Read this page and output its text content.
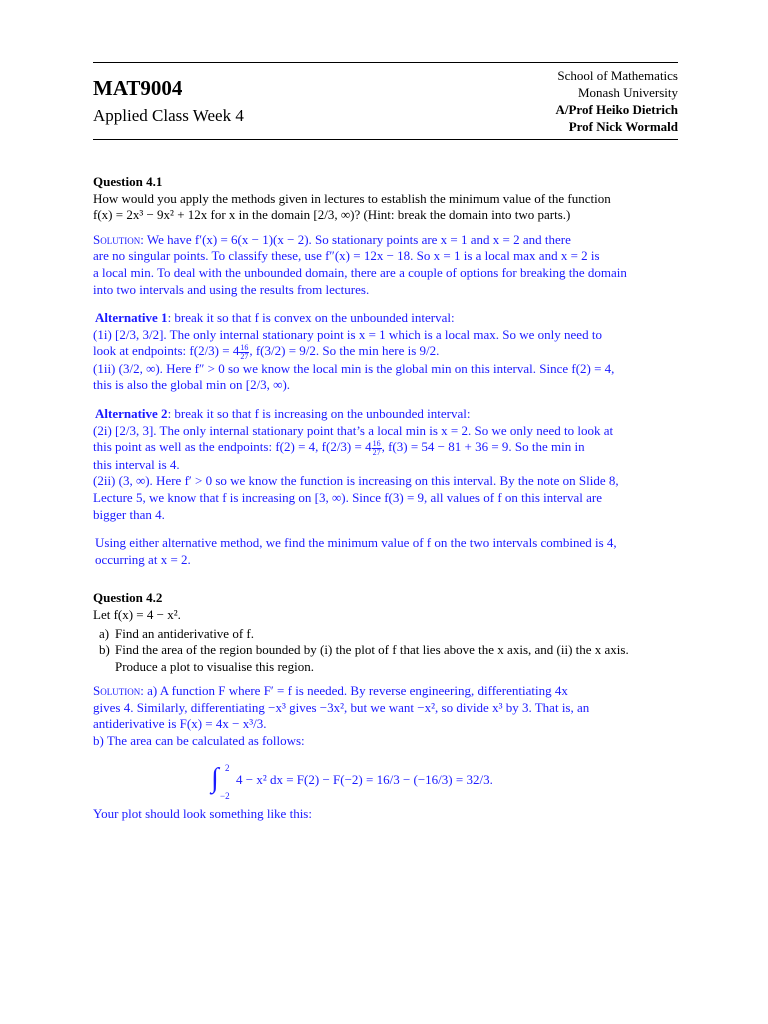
MAT9004
Applied Class Week 4
School of Mathematics
Monash University
A/Prof Heiko Dietrich
Prof Nick Wormald
Question 4.1

How would you apply the methods given in lectures to establish the minimum value of the function

f(x) = 2x³ − 9x² + 12x for x in the domain [2/3, ∞)? (Hint: break the domain into two parts.)

Solution: We have f′(x) = 6(x − 1)(x − 2). So stationary points are x = 1 and x = 2 and there

are no singular points. To classify these, use f″(x) = 12x − 18. So x = 1 is a local max and x = 2 is

a local min. To deal with the unbounded domain, there are a couple of options for breaking the domain

into two intervals and using the results from lectures.

Alternative 1: break it so that f is convex on the unbounded interval:

(1i) [2/3, 3/2]. The only internal stationary point is x = 1 which is a local max. So we only need to

look at endpoints: $f(2/3) = 4 \frac{16}{27}$ , f(3/2) = 9/2. So the min here is 9/2.

(1ii) (3/2, ∞). Here f″ > 0 so we know the local min is the global min on this interval. Since f(2) = 4,

this is also the global min on [2/3, ∞).

Alternative 2: break it so that f is increasing on the unbounded interval:

(2i) [2/3, 3]. The only internal stationary point that’s a local min is x = 2. So we only need to look at

this point as well as the endpoints: f(2) = 4, $f(2/3) = 4 \frac{16}{27}$ , f(3) = 54 − 81 + 36 = 9. So the min in

this interval is 4.

(2ii) (3, ∞). Here f′ > 0 so we know the function is increasing on this interval. By the note on Slide 8,

Lecture 5, we know that f is increasing on [3, ∞). Since f(3) = 9, all values of f on this interval are

bigger than 4.

Using either alternative method, we find the minimum value of f on the two intervals combined is 4,

occurring at x = 2.

Question 4.2

Let f(x) = 4 − x².

a) Find an antiderivative of f.
b) Find the area of the region bounded by (i) the plot of f that lies above the x axis, and (ii) the x axis.
Produce a plot to visualise this region.

Solution: a) A function F where F′ = f is needed. By reverse engineering, differentiating 4x

gives 4. Similarly, differentiating −x³ gives −3x², but we want −x², so divide x³ by 3. That is, an

antiderivative is F(x) = 4x − x³/3.

b) The area can be calculated as follows:

∫ 2
−2
4 − x² dx = F(2) − F(−2) = 16/3 − (−16/3) = 32/3.

Your plot should look something like this:
